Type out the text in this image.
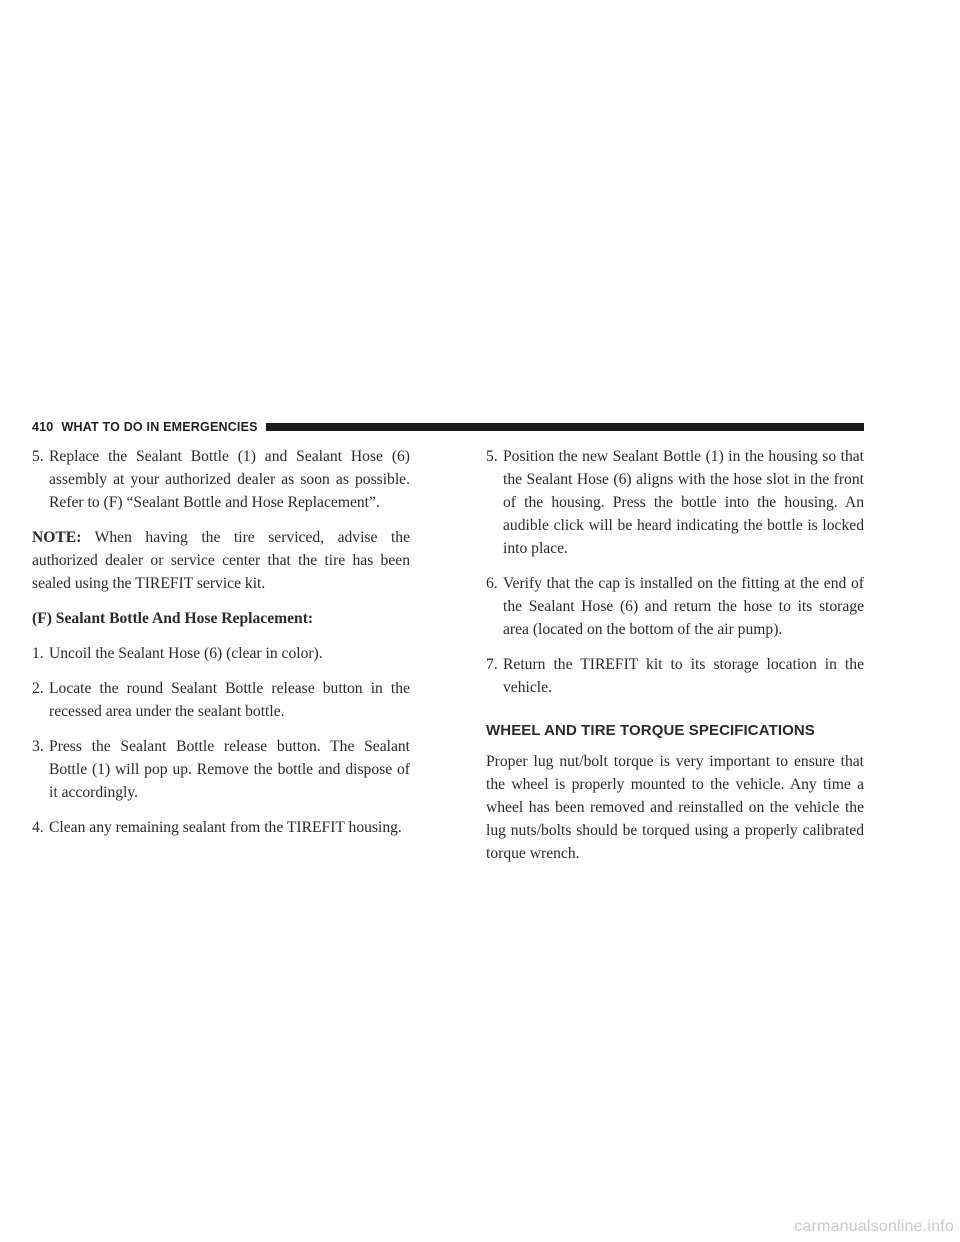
410 WHAT TO DO IN EMERGENCIES
5. Replace the Sealant Bottle (1) and Sealant Hose (6) assembly at your authorized dealer as soon as possible. Refer to (F) “Sealant Bottle and Hose Replacement”.

NOTE: When having the tire serviced, advise the authorized dealer or service center that the tire has been sealed using the TIREFIT service kit.

(F) Sealant Bottle And Hose Replacement:

1. Uncoil the Sealant Hose (6) (clear in color).
2. Locate the round Sealant Bottle release button in the recessed area under the sealant bottle.
3. Press the Sealant Bottle release button. The Sealant Bottle (1) will pop up. Remove the bottle and dispose of it accordingly.
4. Clean any remaining sealant from the TIREFIT housing.
5. Position the new Sealant Bottle (1) in the housing so that the Sealant Hose (6) aligns with the hose slot in the front of the housing. Press the bottle into the housing. An audible click will be heard indicating the bottle is locked into place.
6. Verify that the cap is installed on the fitting at the end of the Sealant Hose (6) and return the hose to its storage area (located on the bottom of the air pump).
7. Return the TIREFIT kit to its storage location in the vehicle.
WHEEL AND TIRE TORQUE SPECIFICATIONS

Proper lug nut/bolt torque is very important to ensure that the wheel is properly mounted to the vehicle. Any time a wheel has been removed and reinstalled on the vehicle the lug nuts/bolts should be torqued using a properly calibrated torque wrench.

carmanualsonline.info
